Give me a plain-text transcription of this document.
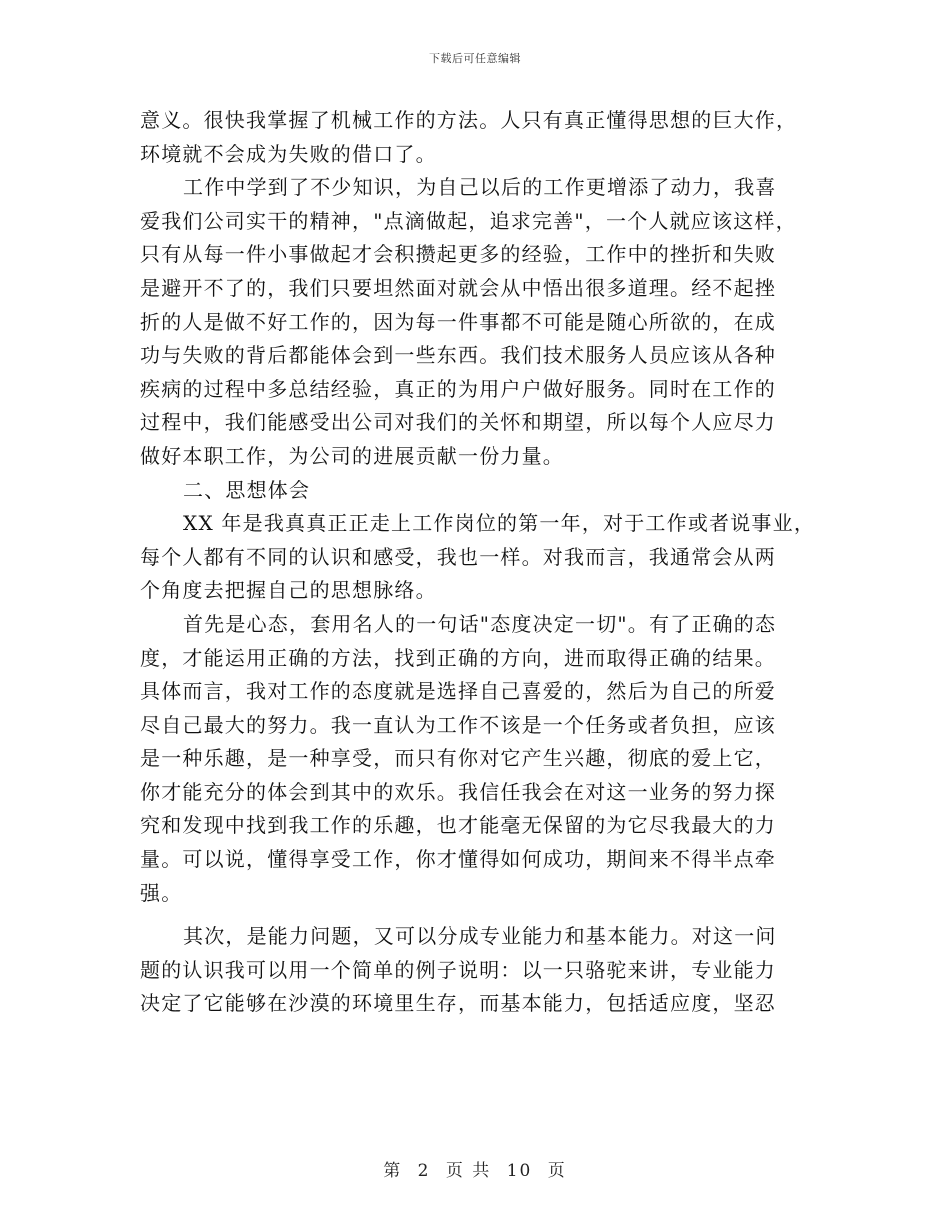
下载后可任意编辑
意义。很快我掌握了机械工作的方法。人只有真正懂得思想的巨大作，
环境就不会成为失败的借口了。
工作中学到了不少知识，为自己以后的工作更增添了动力，我喜
爱我们公司实干的精神，"点滴做起，追求完善"，一个人就应该这样，
只有从每一件小事做起才会积攒起更多的经验，工作中的挫折和失败
是避开不了的，我们只要坦然面对就会从中悟出很多道理。经不起挫
折的人是做不好工作的，因为每一件事都不可能是随心所欲的，在成
功与失败的背后都能体会到一些东西。我们技术服务人员应该从各种
疾病的过程中多总结经验，真正的为用户户做好服务。同时在工作的
过程中，我们能感受出公司对我们的关怀和期望，所以每个人应尽力
做好本职工作，为公司的进展贡献一份力量。
二、思想体会
XX 年是我真真正正走上工作岗位的第一年，对于工作或者说事业，
每个人都有不同的认识和感受，我也一样。对我而言，我通常会从两
个角度去把握自己的思想脉络。
首先是心态，套用名人的一句话"态度决定一切"。有了正确的态
度，才能运用正确的方法，找到正确的方向，进而取得正确的结果。
具体而言，我对工作的态度就是选择自己喜爱的，然后为自己的所爱
尽自己最大的努力。我一直认为工作不该是一个任务或者负担，应该
是一种乐趣，是一种享受，而只有你对它产生兴趣，彻底的爱上它，
你才能充分的体会到其中的欢乐。我信任我会在对这一业务的努力探
究和发现中找到我工作的乐趣，也才能毫无保留的为它尽我最大的力
量。可以说，懂得享受工作，你才懂得如何成功，期间来不得半点牵
强。
其次，是能力问题，又可以分成专业能力和基本能力。对这一问
题的认识我可以用一个简单的例子说明：以一只骆驼来讲，专业能力
决定了它能够在沙漠的环境里生存，而基本能力，包括适应度，坚忍
第 2 页 共 10 页
